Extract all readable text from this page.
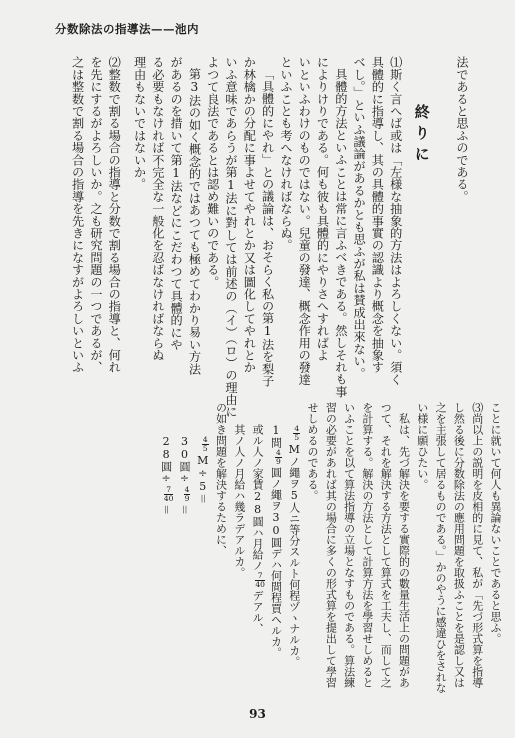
分数除法の指導法——池内
法であると思ふのである。
終りに
⑴斯く言へば或は「左様な抽象的方法はよろしくない。須く
具體的に指導し、其の具體的事實の認識より概念を抽象す
べし。」といふ議論があるかとも思ふが私は賛成出來ない。
具體的方法といふことは常に言ふべきである。然しそれも事
によりけりである。何も彼も具體的にやりさへすればよ
いといふわけのものではない。兒童の發達、概念作用の發達
といふことも考へなければならぬ。
「具體的にやれ」との議論は、おそらく私の第1法を梨子
か林檎かの分配に事よせてやれとか又は圖化してやれとか
いふ意味であらうが第1法に對しては前述の（イ）（ロ）の理由に
よつて良法であるとは認め難いのである。
第3法の如く概念的ではあつても極めてわかり易い方法
があるのを措いて第1法などにこだわつて具體的にや
る必要もなければ不完全な一般化を忍ばなければならぬ
理由もないではないか。
⑵整数で割る場合の指導と分数で割る場合の指導と、何れ
を先にするがよろしいか。之も研究問題の一つであるが、
之は整数で割る場合の指導を先きになすがよろしいといふ
ことに就いて何人も異論ないことであると思ふ。
⑶尚以上の説明を皮相的に見て、私が「先づ形式算を指導
し然る後に分数除法の應用問題を取扱ふことを是認し又は
之を主張して居るものである。」かのやうに感違ひをされな
い様に願ひたい。
私は、先づ解決を要する實際的の數量生活上の問題があ
つて、それを解決する方法として算式を工夫し、而して之
を計算する。解決の方法として計算方法を學習せしめると
いふことを以て算法指導の立場となすものである。算法練
習の必要があれば其の場合に多くの形式算を提出して學習
せしめるのである。
$\frac{4}{5}$
Mノ繩ヲ5人ニ等分スルト何程ヅヽナルカ。
1間
$\frac{4}{9}$
圓ノ繩ヲ30圓デハ何間程買ヘルカ。
或ル人ノ家賃28圓ハ月給ノ
$\frac{7}{40}$
デアル、
其ノ人ノ月給ハ幾ラデアルカ。
の如き問題を解決するために、
$\frac{4}{5}$
M÷5＝
30圓÷
$\frac{4}{9}$
＝
28圓÷
$\frac{7}{40}$
＝
93
